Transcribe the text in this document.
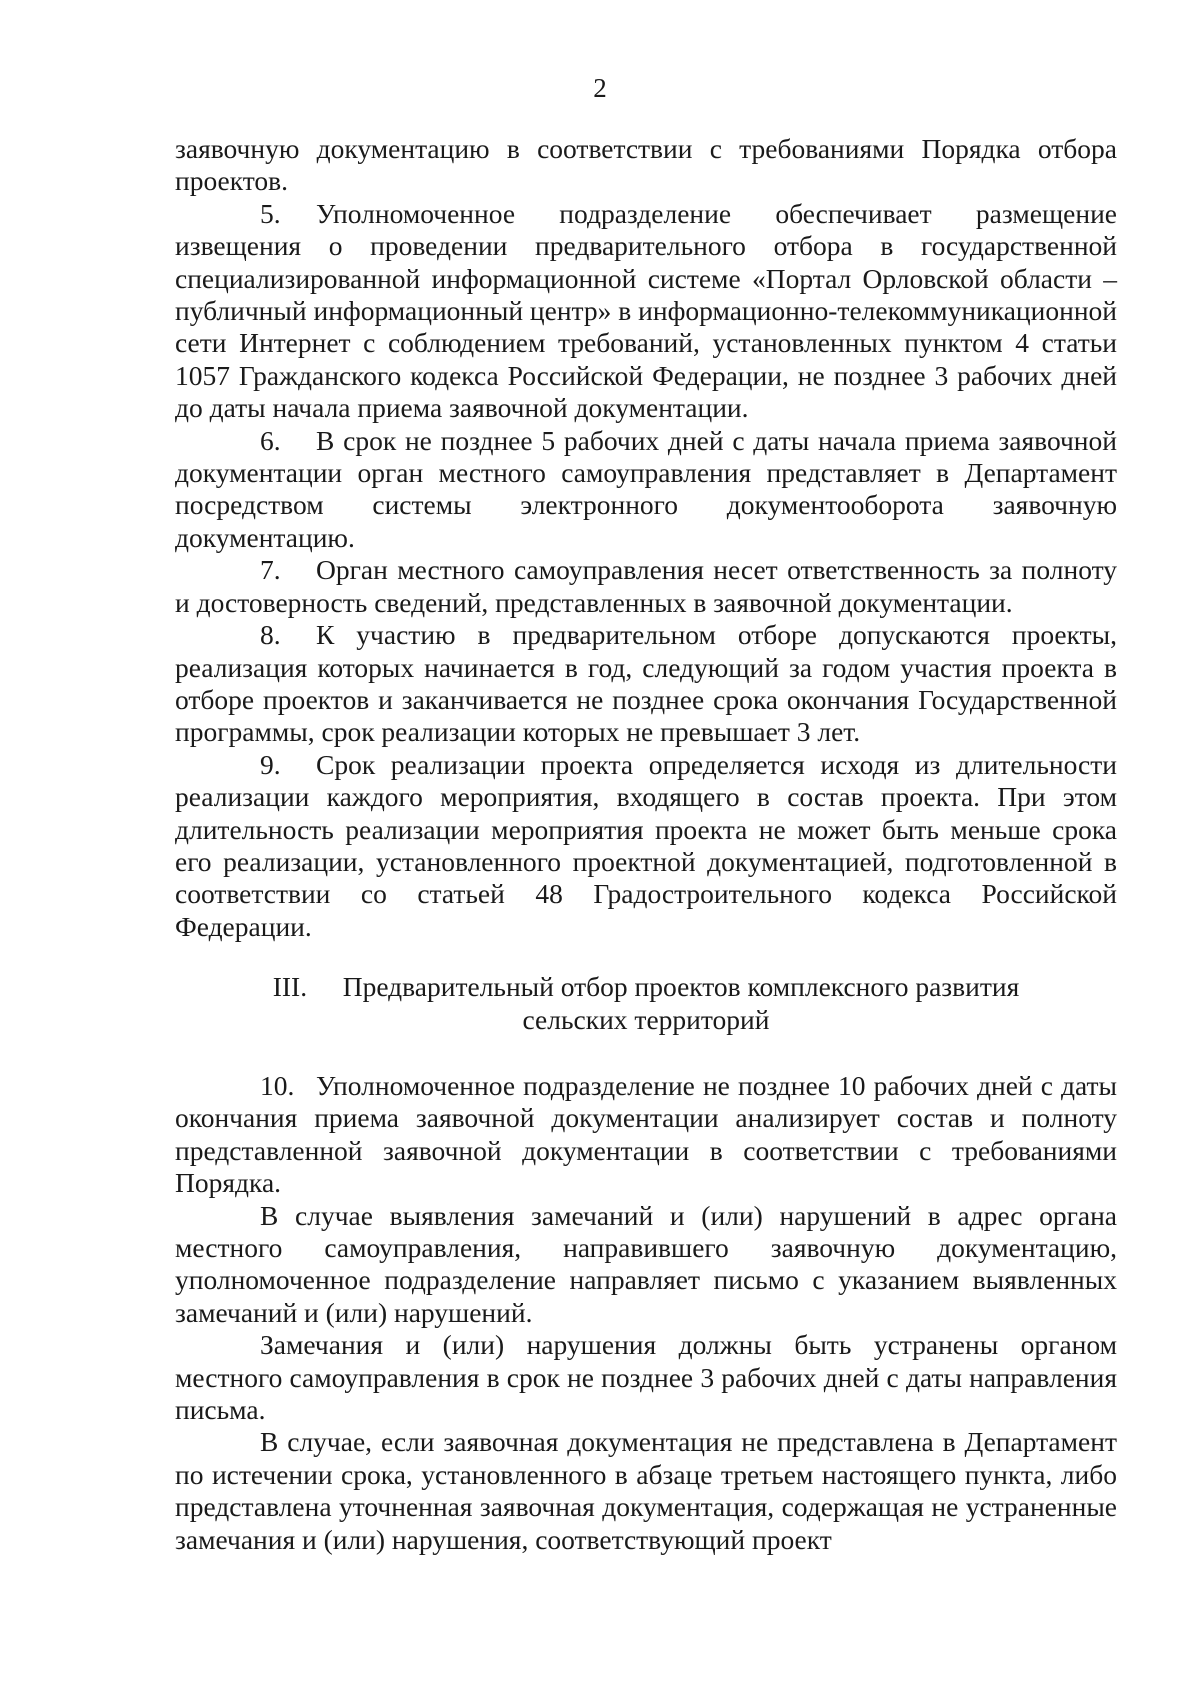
2

заявочную документацию в соответствии с требованиями Порядка отбора проектов.

5. Уполномоченное подразделение обеспечивает размещение извещения о проведении предварительного отбора в государственной специализированной информационной системе «Портал Орловской области – публичный информационный центр» в информационно-телекоммуникационной сети Интернет с соблюдением требований, установленных пунктом 4 статьи 1057 Гражданского кодекса Российской Федерации, не позднее 3 рабочих дней до даты начала приема заявочной документации.

6. В срок не позднее 5 рабочих дней с даты начала приема заявочной документации орган местного самоуправления представляет в Департамент посредством системы электронного документооборота заявочную документацию.

7. Орган местного самоуправления несет ответственность за полноту и достоверность сведений, представленных в заявочной документации.

8. К участию в предварительном отборе допускаются проекты, реализация которых начинается в год, следующий за годом участия проекта в отборе проектов и заканчивается не позднее срока окончания Государственной программы, срок реализации которых не превышает 3 лет.

9. Срок реализации проекта определяется исходя из длительности реализации каждого мероприятия, входящего в состав проекта. При этом длительность реализации мероприятия проекта не может быть меньше срока его реализации, установленного проектной документацией, подготовленной в соответствии со статьей 48 Градостроительного кодекса Российской Федерации.

III. Предварительный отбор проектов комплексного развития
сельских территорий

10. Уполномоченное подразделение не позднее 10 рабочих дней с даты окончания приема заявочной документации анализирует состав и полноту представленной заявочной документации в соответствии с требованиями Порядка.

В случае выявления замечаний и (или) нарушений в адрес органа местного самоуправления, направившего заявочную документацию, уполномоченное подразделение направляет письмо с указанием выявленных замечаний и (или) нарушений.

Замечания и (или) нарушения должны быть устранены органом местного самоуправления в срок не позднее 3 рабочих дней с даты направления письма.

В случае, если заявочная документация не представлена в Департамент по истечении срока, установленного в абзаце третьем настоящего пункта, либо представлена уточненная заявочная документация, содержащая не устраненные замечания и (или) нарушения, соответствующий проект
